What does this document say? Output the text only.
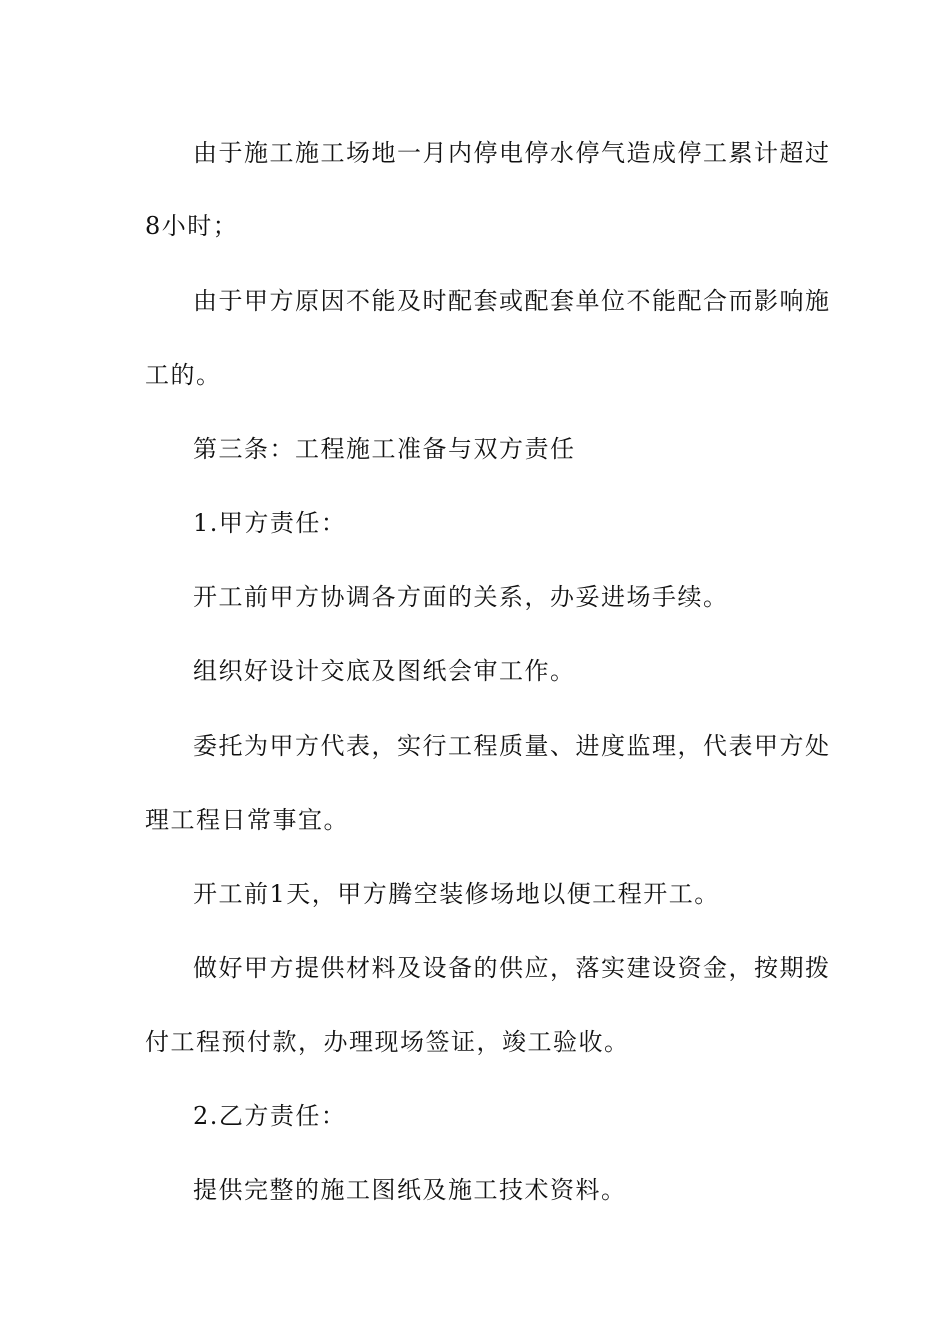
由于施工施工场地一月内停电停水停气造成停工累计超过
8小时；
由于甲方原因不能及时配套或配套单位不能配合而影响施
工的。
第三条：工程施工准备与双方责任
1.甲方责任：
开工前甲方协调各方面的关系，办妥进场手续。
组织好设计交底及图纸会审工作。
委托为甲方代表，实行工程质量、进度监理，代表甲方处
理工程日常事宜。
开工前1天，甲方腾空装修场地以便工程开工。
做好甲方提供材料及设备的供应，落实建设资金，按期拨
付工程预付款，办理现场签证，竣工验收。
2.乙方责任：
提供完整的施工图纸及施工技术资料。
